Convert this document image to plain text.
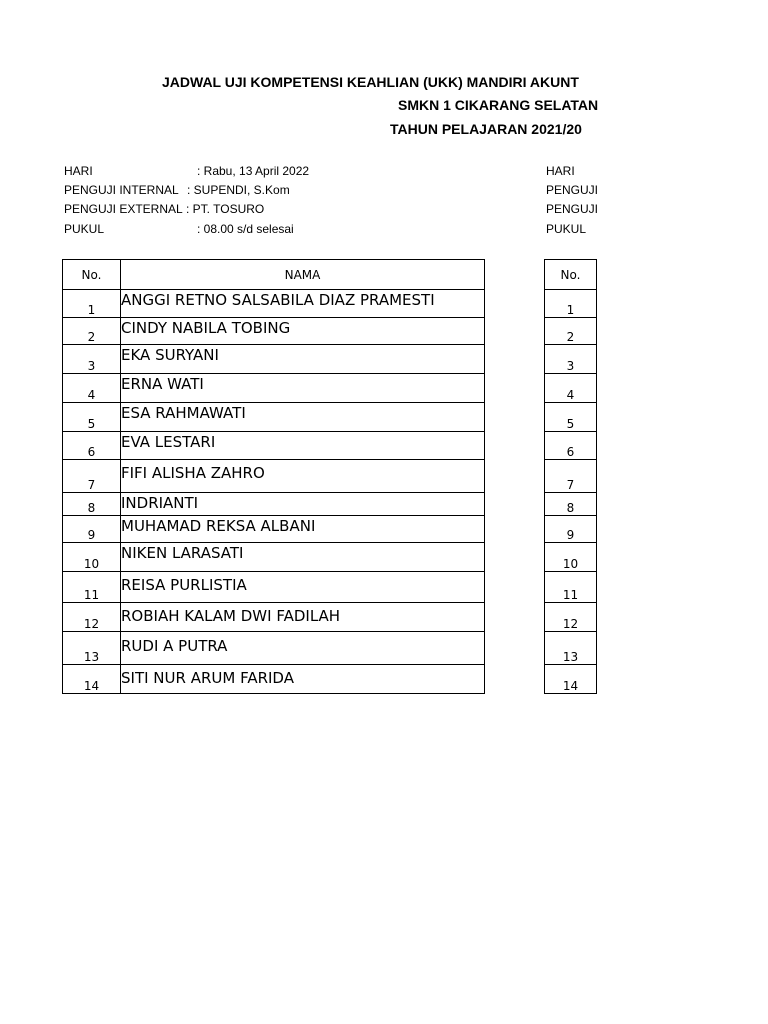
JADWAL UJI KOMPETENSI KEAHLIAN (UKK) MANDIRI AKUNT
SMKN 1 CIKARANG SELATAN
TAHUN PELAJARAN 2021/20
HARI	: Rabu, 13 April 2022
PENGUJI INTERNAL : SUPENDI, S.Kom
PENGUJI EXTERNAL : PT. TOSURO
PUKUL	: 08.00 s/d selesai
HARI
PENGUJI
PENGUJI
PUKUL
No.	NAMA
1	ANGGI RETNO SALSABILA DIAZ PRAMESTI
2	CINDY NABILA TOBING
3	EKA SURYANI
4	ERNA WATI
5	ESA RAHMAWATI
6	EVA LESTARI
7	FIFI ALISHA ZAHRO
8	INDRIANTI
9	MUHAMAD REKSA ALBANI
10	NIKEN LARASATI
11	REISA PURLISTIA
12	ROBIAH KALAM DWI FADILAH
13	RUDI A PUTRA
14	SITI NUR ARUM FARIDA
No.
1
2
3
4
5
6
7
8
9
10
11
12
13
14
